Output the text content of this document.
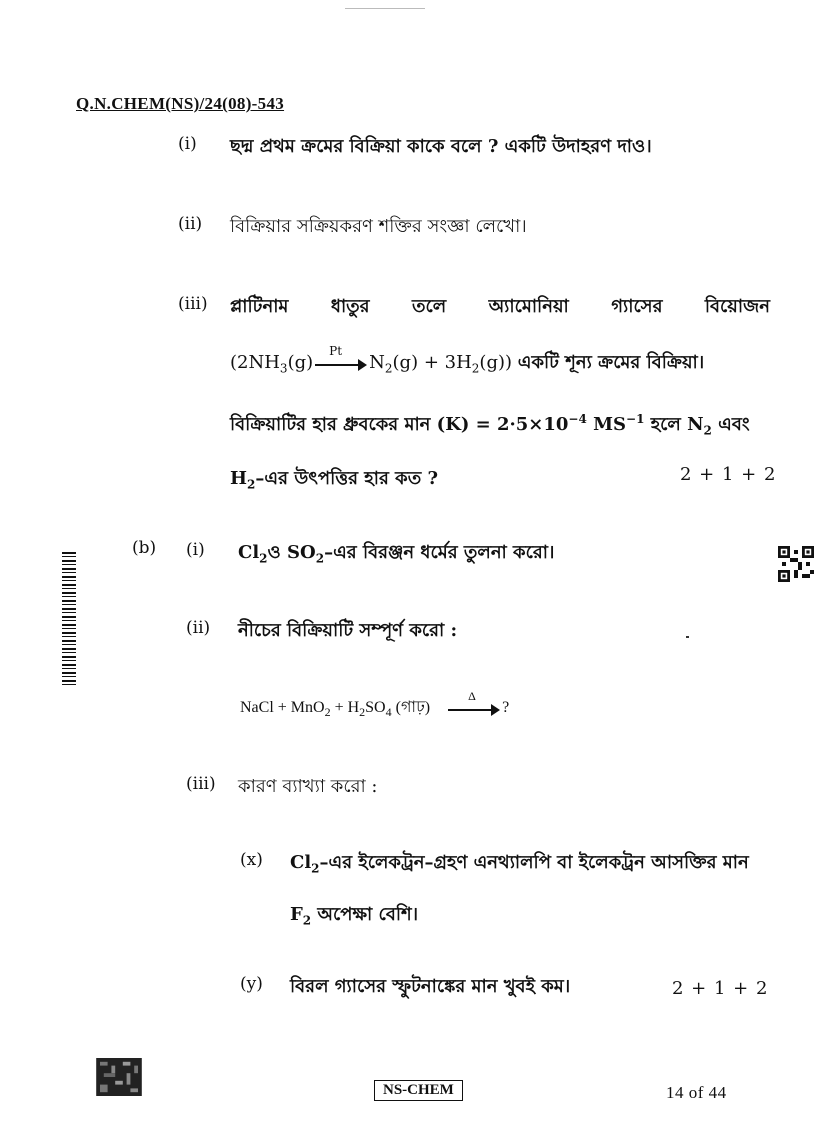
Q.N.CHEM(NS)/24(08)-543
(i) ছদ্ম প্রথম ক্রমের বিক্রিয়া কাকে বলে ? একটি উদাহরণ দাও।
(ii) বিক্রিয়ার সক্রিয়করণ শক্তির সংজ্ঞা লেখো।
(iii) প্লাটিনাম ধাতুর তলে অ্যামোনিয়া গ্যাসের বিয়োজন
($2NH_3(g)$
Pt
$N_2(g) + 3H_2(g)$) একটি শূন্য ক্রমের বিক্রিয়া।
বিক্রিয়াটির হার ধ্রুবকের মান $(K) = 2\cdot 5\times 10^{-4}$ $MS^{-1}$ হলে $N_2$ এবং
$H_2-এর$ উৎপত্তির হার কত ?	2 + 1 + 2
(b) (i) $Cl_2ও$ $SO_2-এর$ বিরঞ্জন ধর্মের তুলনা করো।
(ii) নীচের বিক্রিয়াটি সম্পূর্ণ করো :
NaCl + $MnO_2 + H_2SO_4$ (গাঢ়)
Δ
?
(iii) কারণ ব্যাখ্যা করো :
(x) $Cl_2-এর$ ইলেকট্রন–গ্রহণ এনথ্যালপি বা ইলেকট্রন আসক্তির মান
$F_2$ অপেক্ষা বেশি।
(y) বিরল গ্যাসের স্ফুটনাঙ্কের মান খুবই কম।	2 + 1 + 2
NS-CHEM	14 of 44
